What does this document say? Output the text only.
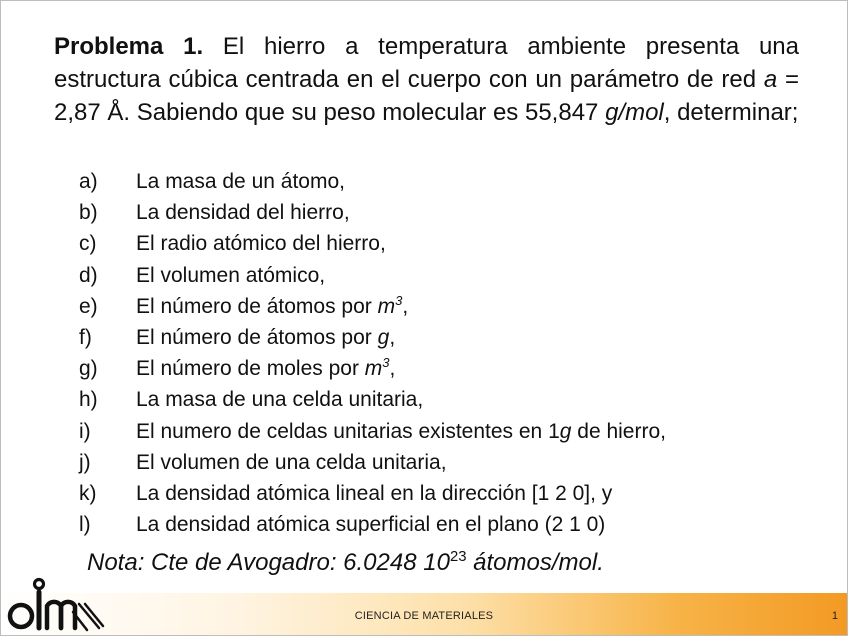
Problema 1. El hierro a temperatura ambiente presenta una estructura cúbica centrada en el cuerpo con un parámetro de red a = 2,87 Å. Sabiendo que su peso molecular es 55,847 g/mol, determinar;
a)	La masa de un átomo,
b)	La densidad del hierro,
c)	El radio atómico del hierro,
d)	El volumen atómico,
e)	El número de átomos por $m^3$,
f)	El número de átomos por g,
g)	El número de moles por $m^3$,
h)	La masa de una celda unitaria,
i)	El numero de celdas unitarias existentes en 1g de hierro,
j)	El volumen de una celda unitaria,
k)	La densidad atómica lineal en la dirección [1 2 0], y
l)	La densidad atómica superficial en el plano (2 1 0)
Nota: Cte de Avogadro: 6.0248 $10^{23}$ átomos/mol.
CIENCIA DE MATERIALES	1
